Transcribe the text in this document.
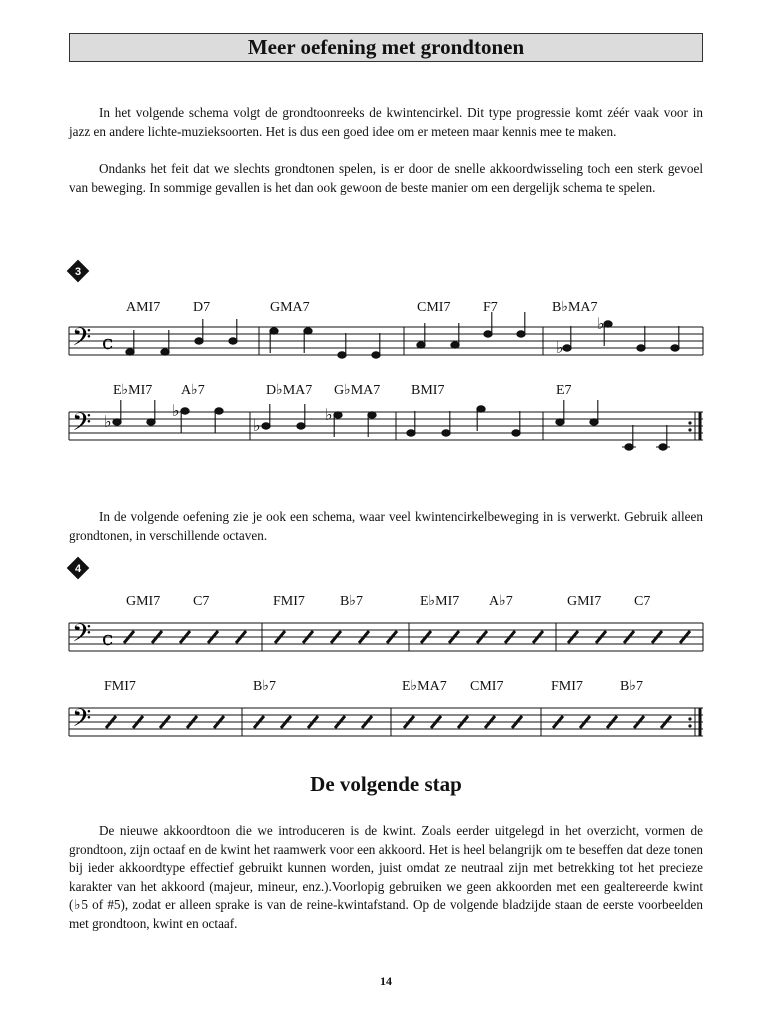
Meer oefening met grondtonen

In het volgende schema volgt de grondtoonreeks de kwintencirkel. Dit type progressie komt zéér vaak voor in jazz en andere lichte-muzieksoorten. Het is dus een goed idee om er meteen maar kennis mee te maken.

Ondanks het feit dat we slechts grondtonen spelen, is er door de snelle akkoordwisseling toch een sterk gevoel van beweging. In sommige gevallen is het dan ook gewoon de beste manier om een dergelijk schema te spelen.

3
AMI7 D7	GMA7	CMI7 F7	B♭MA7
𝄢 c	♭
♭
E♭MI7 A♭7	D♭MA7 G♭MA7 BMI7	E7
𝄢 ♭
♭
♭
♭

In de volgende oefening zie je ook een schema, waar veel kwintencirkelbeweging in is verwerkt. Gebruik alleen grondtonen, in verschillende octaven.

4
GMI7 C7	FMI7	B♭7	E♭MI7 A♭7	GMI7 C7
𝄢 c
FMI7	B♭7	E♭MA7 CMI7	FMI7	B♭7
𝄢
De volgende stap

De nieuwe akkoordtoon die we introduceren is de kwint. Zoals eerder uitgelegd in het overzicht, vormen de grondtoon, zijn octaaf en de kwint het raamwerk voor een akkoord. Het is heel belangrijk om te beseffen dat deze tonen bij ieder akkoordtype effectief gebruikt kunnen worden, juist omdat ze neutraal zijn met betrekking tot het precieze karakter van het akkoord (majeur, mineur, enz.).Voorlopig gebruiken we geen akkoorden met een gealtereerde kwint (♭5 of #5), zodat er alleen sprake is van de reine-kwintafstand. Op de volgende bladzijde staan de eerste voorbeelden met grondtoon, kwint en octaaf.

14
